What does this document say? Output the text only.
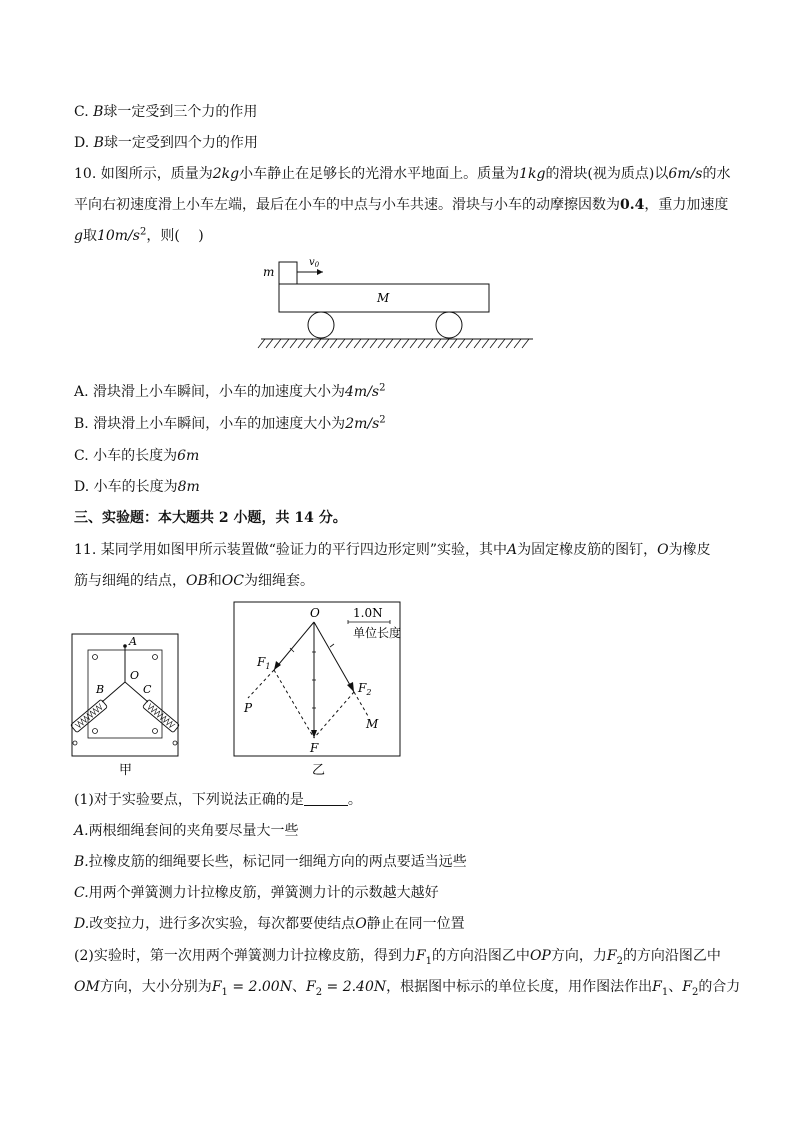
C. B球一定受到三个力的作用
D. B球一定受到四个力的作用
10. 如图所示，质量为2kg小车静止在足够长的光滑水平地面上。质量为1kg的滑块(视为质点)以6m/s的水
平向右初速度滑上小车左端，最后在小车的中点与小车共速。滑块与小车的动摩擦因数为0.4，重力加速度
g取$10m/s^2$，则(　 )
m
$v_0$
M
A. 滑块滑上小车瞬间，小车的加速度大小为$4m/s^2$
B. 滑块滑上小车瞬间，小车的加速度大小为$2m/s^2$
C. 小车的长度为6m
D. 小车的长度为8m
三、实验题：本大题共 2 小题，共 14 分。
11. 某同学用如图甲所示装置做“验证力的平行四边形定则”实验，其中A为固定橡皮筋的图钉，O为橡皮
筋与细绳的结点，OB和OC为细绳套。
A
O
B	C
甲
O	1.0N
单位长度
$F_1$
$F_2$
P
M
F
乙
(1)对于实验要点，下列说法正确的是	。
A.两根细绳套间的夹角要尽量大一些
B.拉橡皮筋的细绳要长些，标记同一细绳方向的两点要适当远些
C.用两个弹簧测力计拉橡皮筋，弹簧测力计的示数越大越好
D.改变拉力，进行多次实验，每次都要使结点O静止在同一位置
(2)实验时，第一次用两个弹簧测力计拉橡皮筋，得到力$F_1$的方向沿图乙中OP方向，力$F_2$的方向沿图乙中
OM方向，大小分别为$F_1 = 2.00N$、$F_2 = 2.40N$，根据图中标示的单位长度，用作图法作出$F_1$、$F_2$的合力
